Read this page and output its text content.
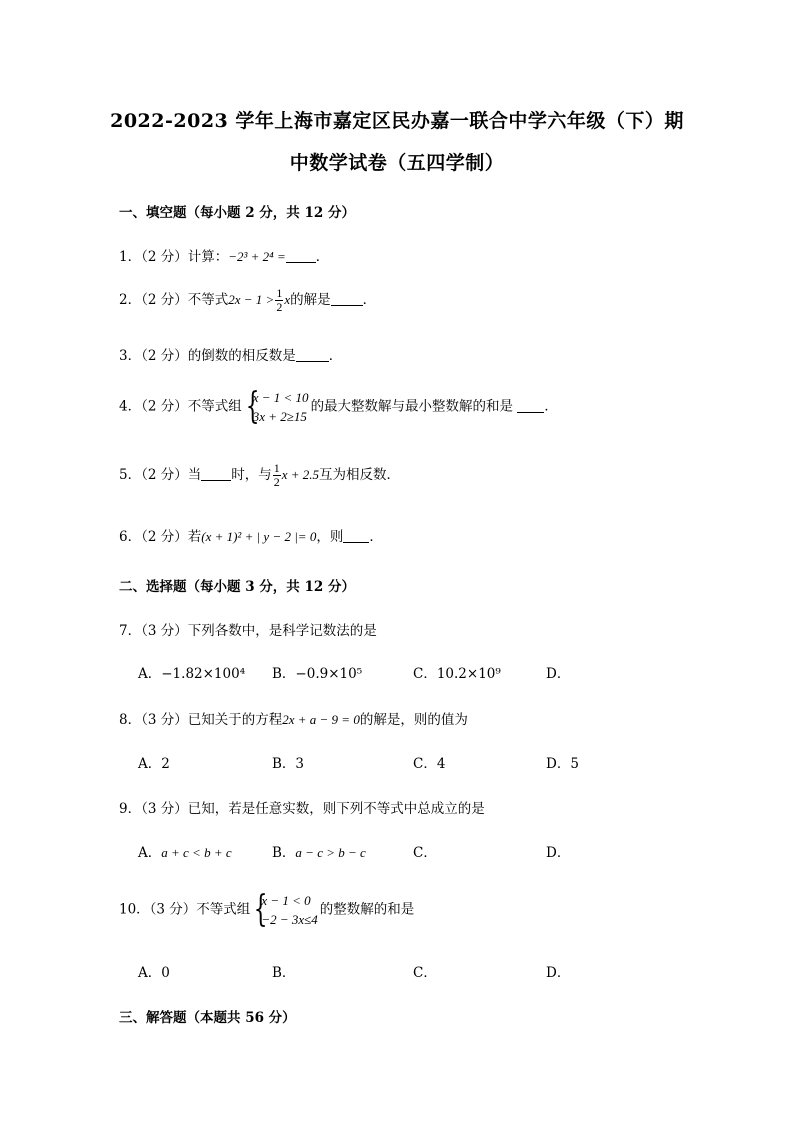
2022-2023 学年上海市嘉定区民办嘉一联合中学六年级（下）期
中数学试卷（五四学制）
一、填空题（每小题 2 分，共 12 分）
1．（2 分）计算：−2³ + 2⁴ = ．
2．（2 分）不等式$2x - 1 > \frac{1}{2}$ x的解是 ．
3．（2 分）的倒数的相反数是 ．
4．（2 分）不等式组 {
x − 1 < 10
3x + 2≥15
的最大整数解与最小整数解的和是 ．
5．（2 分）当 时，与 $\frac{1}{2}$ x + 2.5互为相反数．
6．（2 分）若(x + 1)² + | y − 2 |= 0，则 ．
二、选择题（每小题 3 分，共 12 分）
7．（3 分）下列各数中，是科学记数法的是
A．−1.82×100⁴ B．−0.9×10⁵	C．10.2×10⁹	D．
8．（3 分）已知关于的方程2x + a − 9 = 0的解是，则的值为
A．2	B．3	C．4	D．5
9．（3 分）已知，若是任意实数，则下列不等式中总成立的是
A．a + c < b + c	B．a − c > b − c	C．	D．
10．（3 分）不等式组 {
x − 1 < 0
−2 − 3x≤4
的整数解的和是
A．0	B．	C．	D．
三、解答题（本题共 56 分）
